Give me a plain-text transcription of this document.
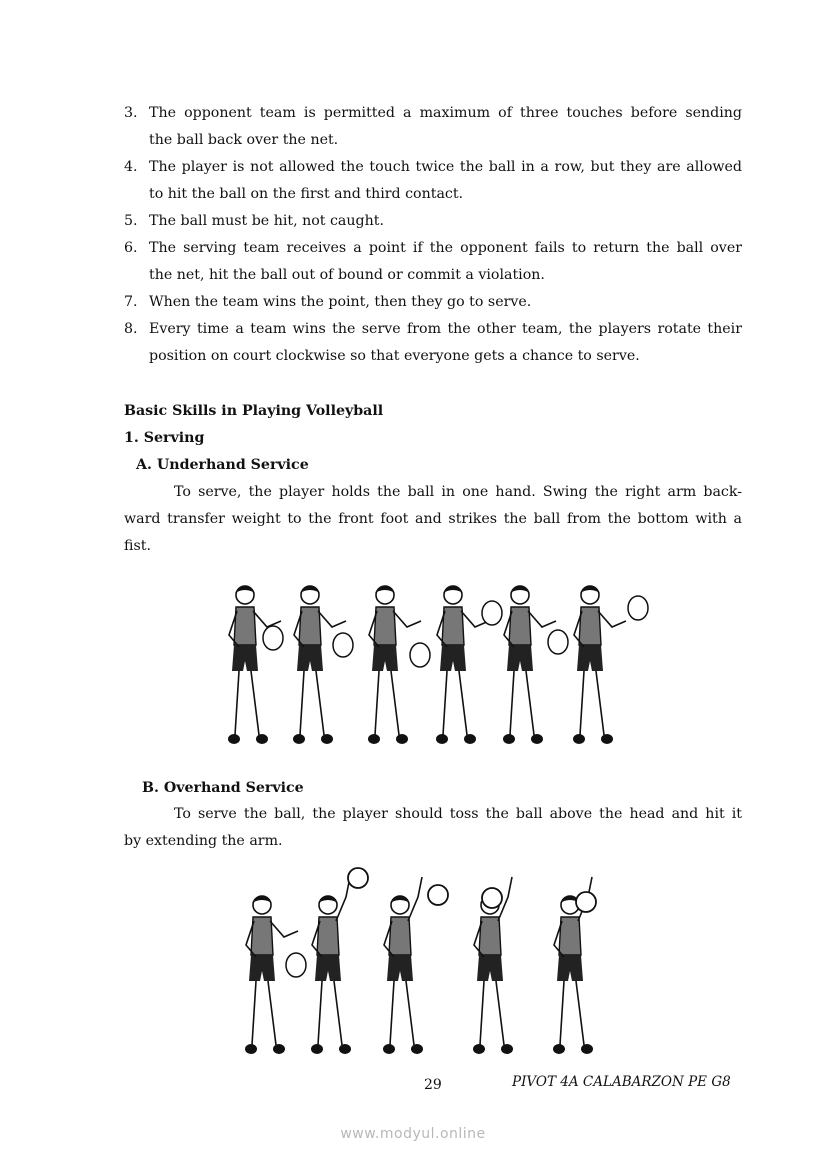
3. The opponent team is permitted a maximum of three touches before sending
the ball back over the net.
4. The player is not allowed the touch twice the ball in a row, but they are allowed
to hit the ball on the first and third contact.
5. The ball must be hit, not caught.
6. The serving team receives a point if the opponent fails to return the ball over
the net, hit the ball out of bound or commit a violation.
7. When the team wins the point, then they go to serve.
8. Every time a team wins the serve from the other team, the players rotate their
position on court clockwise so that everyone gets a chance to serve.
Basic Skills in Playing Volleyball
1. Serving
A. Underhand Service
To serve, the player holds the ball in one hand. Swing the right arm back-
ward transfer weight to the front foot and strikes the ball from the bottom with a
fist.
B. Overhand Service
To serve the ball, the player should toss the ball above the head and hit it
by extending the arm.
29	PIVOT 4A CALABARZON PE G8
www.modyul.online
